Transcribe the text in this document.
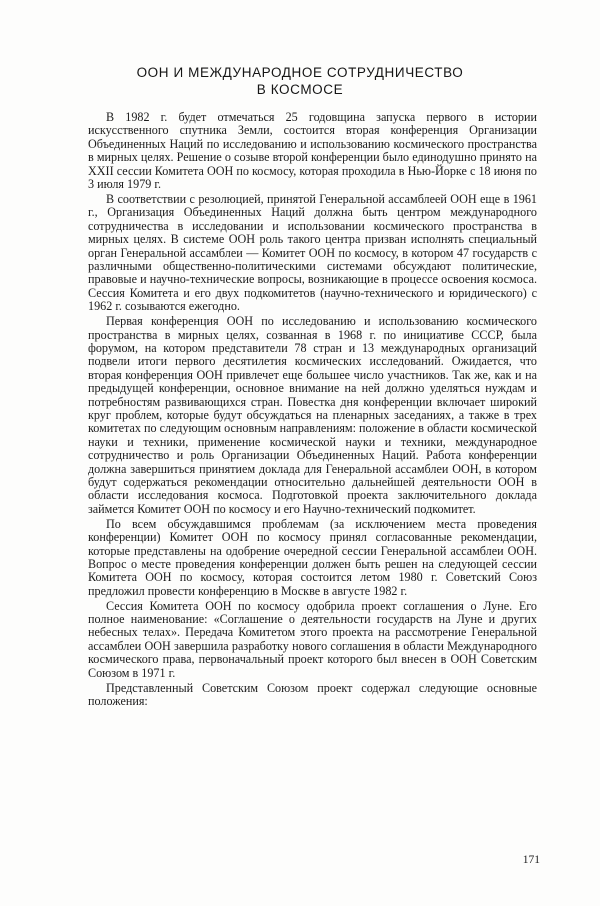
ООН И МЕЖДУНАРОДНОЕ СОТРУДНИЧЕСТВО
В КОСМОСЕ

В 1982 г. будет отмечаться 25 годовщина запуска первого в истории искусственного спутника Земли, состоится вторая конференция Организации Объединенных Наций по исследованию и использованию космического пространства в мирных целях. Решение о созыве второй конференции было единодушно принято на XXII сессии Комитета ООН по космосу, которая проходила в Нью-Йорке с 18 июня по 3 июля 1979 г.

В соответствии с резолюцией, принятой Генеральной ассамблеей ООН еще в 1961 г., Организация Объединенных Наций должна быть центром международного сотрудничества в исследовании и использовании космического пространства в мирных целях. В системе ООН роль такого центра призван исполнять специальный орган Генеральной ассамблеи — Комитет ООН по космосу, в котором 47 государств с различными общественно-политическими системами обсуждают политические, правовые и научно-технические вопросы, возникающие в процессе освоения космоса. Сессия Комитета и его двух подкомитетов (научно-технического и юридического) с 1962 г. созываются ежегодно.

Первая конференция ООН по исследованию и использованию космического пространства в мирных целях, созванная в 1968 г. по инициативе СССР, была форумом, на котором представители 78 стран и 13 международных организаций подвели итоги первого десятилетия космических исследований. Ожидается, что вторая конференция ООН привлечет еще большее число участников. Так же, как и на предыдущей конференции, основное внимание на ней должно уделяться нуждам и потребностям развивающихся стран. Повестка дня конференции включает широкий круг проблем, которые будут обсуждаться на пленарных заседаниях, а также в трех комитетах по следующим основным направлениям: положение в области космической науки и техники, применение космической науки и техники, международное сотрудничество и роль Организации Объединенных Наций. Работа конференции должна завершиться принятием доклада для Генеральной ассамблеи ООН, в котором будут содержаться рекомендации относительно дальнейшей деятельности ООН в области исследования космоса. Подготовкой проекта заключительного доклада займется Комитет ООН по космосу и его Научно-технический подкомитет.

По всем обсуждавшимся проблемам (за исключением места проведения конференции) Комитет ООН по космосу принял согласованные рекомендации, которые представлены на одобрение очередной сессии Генеральной ассамблеи ООН. Вопрос о месте проведения конференции должен быть решен на следующей сессии Комитета ООН по космосу, которая состоится летом 1980 г. Советский Союз предложил провести конференцию в Москве в августе 1982 г.

Сессия Комитета ООН по космосу одобрила проект соглашения о Луне. Его полное наименование: «Соглашение о деятельности государств на Луне и других небесных телах». Передача Комитетом этого проекта на рассмотрение Генеральной ассамблеи ООН завершила разработку нового соглашения в области Международного космического права, первоначальный проект которого был внесен в ООН Советским Союзом в 1971 г.

Представленный Советским Союзом проект содержал следующие основные положения:

171
